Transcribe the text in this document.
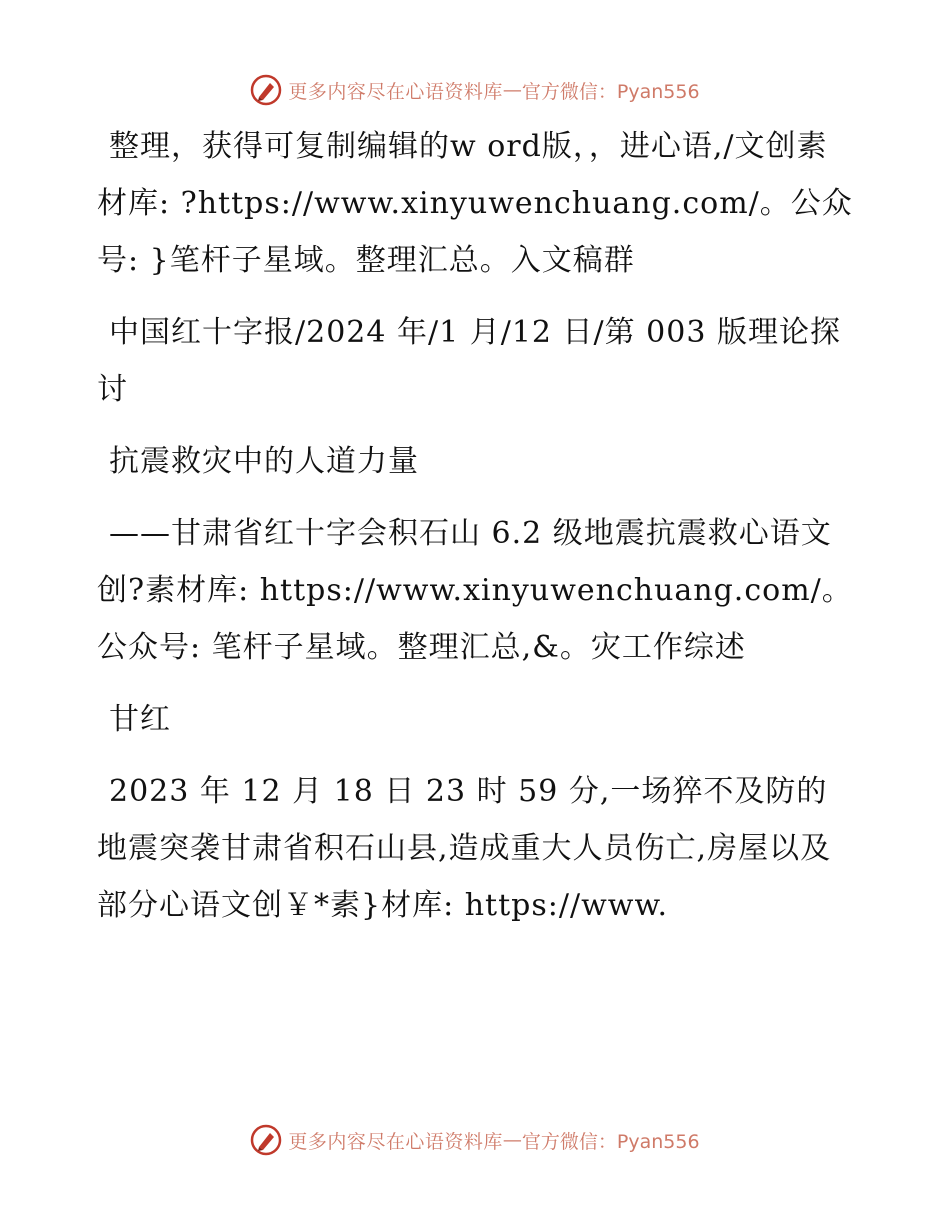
更多内容尽在心语资料库 — 官方微信：Pyan556

整理，获得可复制编辑的w ord版，，进心语,/文创素材库: ?https://www.xinyuwenchuang.com/。公众号: }笔杆子星域。整理汇总。入文稿群

中国红十字报/2024 年/1 月/12 日/第 003 版理论探讨

抗震救灾中的人道力量

——甘肃省红十字会积石山 6.2 级地震抗震救心语文创?素材库: https://www.xinyuwenchuang.com/。公众号: 笔杆子星域。整理汇总,&。灾工作综述

甘红

2023 年 12 月 18 日 23 时 59 分,一场猝不及防的地震突袭甘肃省积石山县,造成重大人员伤亡,房屋以及部分心语文创￥*素}材库: https://www.

更多内容尽在心语资料库 — 官方微信：Pyan556
